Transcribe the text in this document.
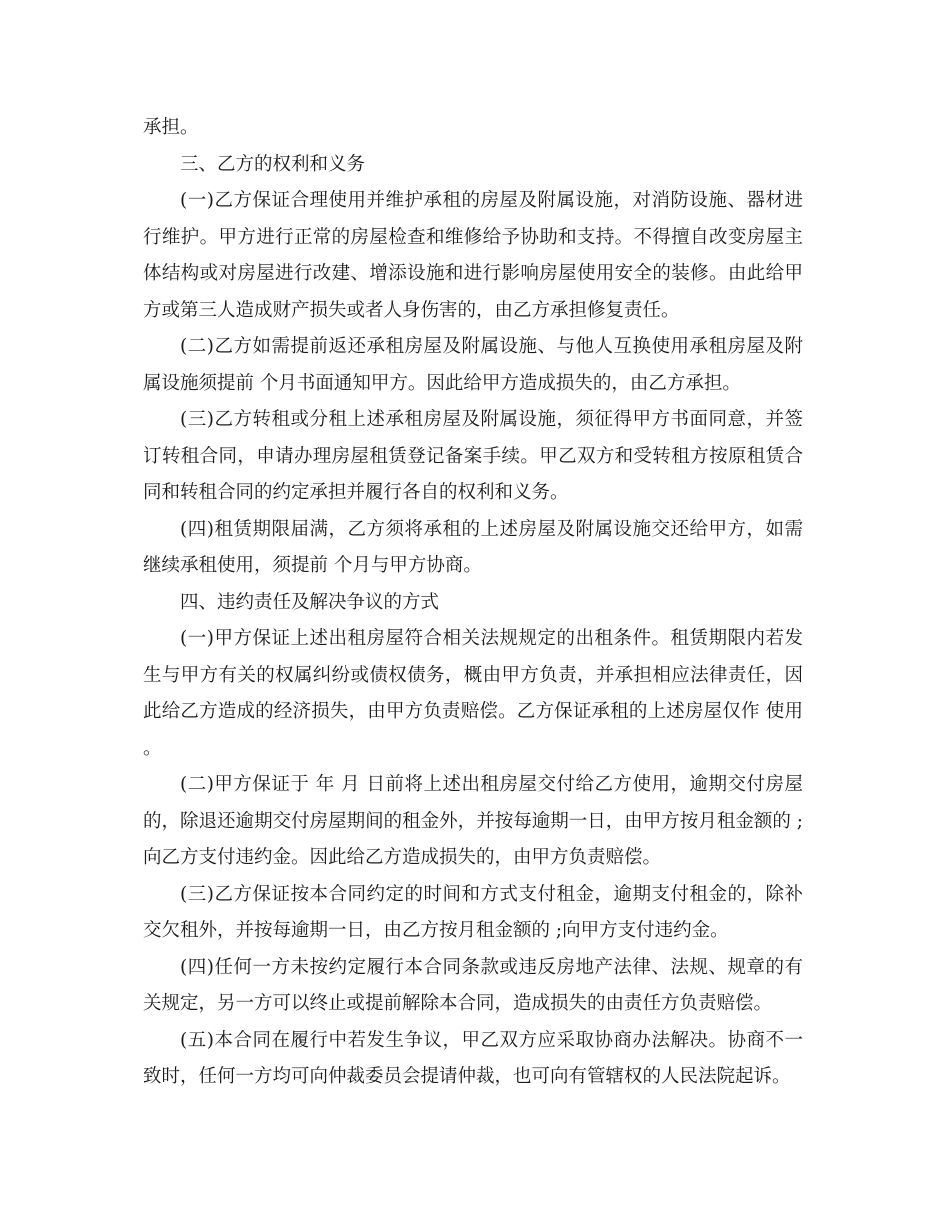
承担。

三、乙方的权利和义务

(一)乙方保证合理使用并维护承租的房屋及附属设施，对消防设施、器材进行维护。甲方进行正常的房屋检查和维修给予协助和支持。不得擅自改变房屋主体结构或对房屋进行改建、增添设施和进行影响房屋使用安全的装修。由此给甲方或第三人造成财产损失或者人身伤害的，由乙方承担修复责任。

(二)乙方如需提前返还承租房屋及附属设施、与他人互换使用承租房屋及附属设施须提前 个月书面通知甲方。因此给甲方造成损失的，由乙方承担。

(三)乙方转租或分租上述承租房屋及附属设施，须征得甲方书面同意，并签订转租合同，申请办理房屋租赁登记备案手续。甲乙双方和受转租方按原租赁合同和转租合同的约定承担并履行各自的权利和义务。

(四)租赁期限届满，乙方须将承租的上述房屋及附属设施交还给甲方，如需继续承租使用，须提前 个月与甲方协商。

四、违约责任及解决争议的方式

(一)甲方保证上述出租房屋符合相关法规规定的出租条件。租赁期限内若发生与甲方有关的权属纠纷或债权债务，概由甲方负责，并承担相应法律责任，因此给乙方造成的经济损失，由甲方负责赔偿。乙方保证承租的上述房屋仅作 使用。

(二)甲方保证于 年 月 日前将上述出租房屋交付给乙方使用，逾期交付房屋的，除退还逾期交付房屋期间的租金外，并按每逾期一日，由甲方按月租金额的 ;向乙方支付违约金。因此给乙方造成损失的，由甲方负责赔偿。

(三)乙方保证按本合同约定的时间和方式支付租金，逾期支付租金的，除补交欠租外，并按每逾期一日，由乙方按月租金额的 ;向甲方支付违约金。

(四)任何一方未按约定履行本合同条款或违反房地产法律、法规、规章的有关规定，另一方可以终止或提前解除本合同，造成损失的由责任方负责赔偿。

(五)本合同在履行中若发生争议，甲乙双方应采取协商办法解决。协商不一致时，任何一方均可向仲裁委员会提请仲裁，也可向有管辖权的人民法院起诉。
